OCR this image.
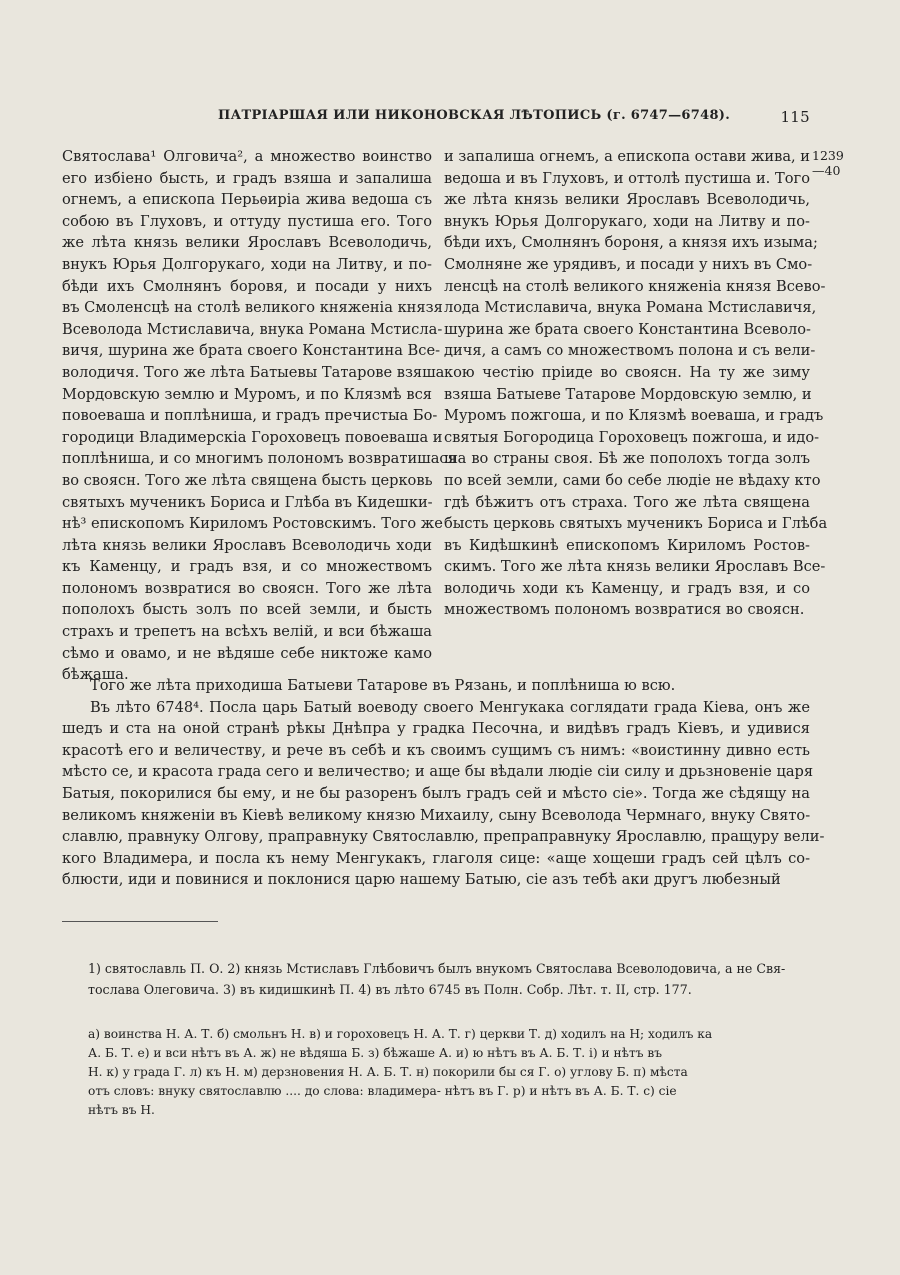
ПАТРІАРШАЯ ИЛИ НИКОНОВСКАЯ ЛѢТОПИСЬ (г. 6747—6748).	115
1239
—40
Святослава¹ Олговича², а множество воинство
его избіено бысть, и градъ взяша и запалиша
огнемъ, а епископа Перьѳиріа жива ведоша съ
собою въ Глуховъ, и оттуду пустиша его. Того
же лѣта князь велики Ярославъ Всеволодичь,
внукъ Юрья Долгорукаго, ходи на Литву, и по-
бѣди ихъ Смолнянъ боровя, и посади у нихъ
въ Смоленсцѣ на столѣ великого княженіа князя
Всеволода Мстиславича, внука Романа Мстисла-
вичя, шурина же брата своего Константина Все-
володичя. Того же лѣта Батыевы Татарове взяша
Мордовскую землю и Муромъ, и по Клязмѣ вся
повоеваша и поплѣниша, и градъ пречистыа Бо-
городици Владимерскіа Гороховецъ повоеваша и
поплѣниша, и со многимъ полономъ возвратишася
во своясн. Того же лѣта священа бысть церковь
святыхъ мученикъ Бориса и Глѣба въ Кидешки-
нѣ³ епископомъ Кириломъ Ростовскимъ. Того же
лѣта князь велики Ярославъ Всеволодичь ходи
къ Каменцу, и градъ взя, и со множествомъ
полономъ возвратися во своясн. Того же лѣта
пополохъ бысть золъ по всей земли, и бысть
страхъ и трепетъ на всѣхъ велій, и вси бѣжаша
сѣмо и овамо, и не вѣдяше себе никтоже камо
бѣжаша.
и запалиша огнемъ, а епископа остави жива, и
ведоша и въ Глуховъ, и оттолѣ пустиша и. Того
же лѣта князь велики Ярославъ Всеволодичь,
внукъ Юрья Долгорукаго, ходи на Литву и по-
бѣди ихъ, Смолнянъ бороня, а князя ихъ изыма;
Смолняне же урядивъ, и посади у нихъ въ Смо-
ленсцѣ на столѣ великого княженіа князя Всево-
лода Мстиславича, внука Романа Мстиславичя,
шурина же брата своего Константина Всеволо-
дичя, а самъ со множествомъ полона и съ вели-
кою честію пріиде во своясн. На ту же зиму
взяша Батыеве Татарове Мордовскую землю, и
Муромъ пожгоша, и по Клязмѣ воеваша, и градъ
святыя Богородица Гороховецъ пожгоша, и идо-
ша во страны своя. Бѣ же пополохъ тогда золъ
по всей земли, сами бо себе людіе не вѣдаху кто
гдѣ бѣжитъ отъ страха. Того же лѣта священа
бысть церковь святыхъ мученикъ Бориса и Глѣба
въ Кидѣшкинѣ епископомъ Кириломъ Ростов-
скимъ. Того же лѣта князь велики Ярославъ Все-
володичь ходи къ Каменцу, и градъ взя, и со
множествомъ полономъ возвратися во своясн.
Того же лѣта приходиша Батыеви Татарове въ Рязань, и поплѣниша ю всю.
Въ лѣто 6748⁴. Посла царь Батый воеводу своего Менгукака соглядати града Кіева, онъ же
шедъ и ста на оной странѣ рѣкы Днѣпра у градка Песочна, и видѣвъ градъ Кіевъ, и удивися
красотѣ его и величеству, и рече въ себѣ и къ своимъ сущимъ съ нимъ: «воистинну дивно есть
мѣсто се, и красота града сего и величество; и аще бы вѣдали людіе сіи силу и дрьзновеніе царя
Батыя, покорилися бы ему, и не бы разоренъ былъ градъ сей и мѣсто сіе». Тогда же сѣдящу на
великомъ княженіи въ Кіевѣ великому князю Михаилу, сыну Всеволода Чермнаго, внуку Свято-
славлю, правнуку Олгову, праправнуку Святославлю, препраправнуку Ярославлю, пращуру вели-
кого Владимера, и посла къ нему Менгукакъ, глаголя сице: «аще хощеши градъ сей цѣлъ со-
блюсти, иди и повинися и поклонися царю нашему Батыю, сіе азъ тебѣ аки другъ любезный
1) святославль П. О. 2) князь Мстиславъ Глѣбовичъ былъ внукомъ Святослава Всеволодовича, а не Свя-
тослава Олеговича. 3) въ кидишкинѣ П. 4) въ лѣто 6745 въ Полн. Собр. Лѣт. т. II, стр. 177.
а) воинства Н. А. Т. б) смольнъ Н. в) и гороховецъ Н. А. Т. г) церкви Т. д) ходилъ на Н; ходилъ ка
А. Б. Т. е) и вси нѣтъ въ А. ж) не вѣдяша Б. з) бѣжаше А. и) ю нѣтъ въ А. Б. Т. і) и нѣтъ въ
Н. к) у града Г. л) къ Н. м) дерзновения Н. А. Б. Т. н) покорили бы ся Г. о) углову Б. п) мѣста
отъ словъ: внуку святославлю .... до слова: владимера- нѣтъ въ Г. р) и нѣтъ въ А. Б. Т. с) сіе
нѣтъ въ Н.
